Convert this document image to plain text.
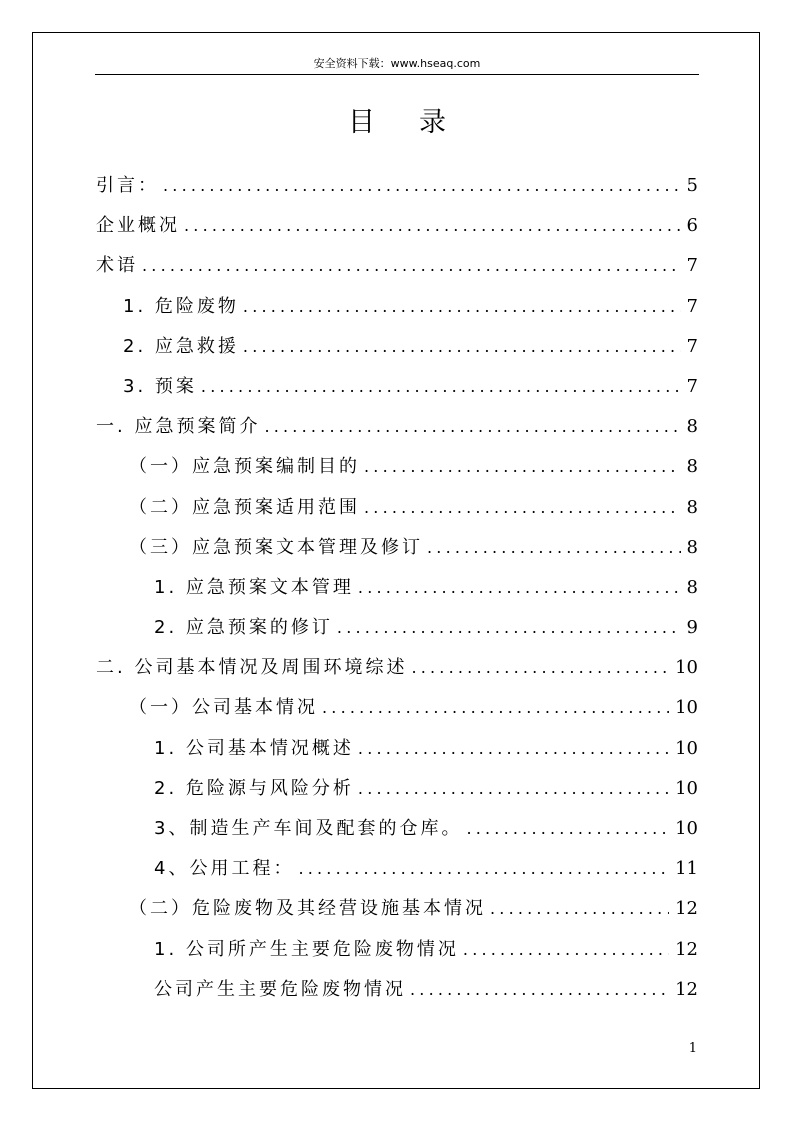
安全资料下载：www.hseaq.com
目录
引言： .....	5
企业概况 .....	6
术语 .....	7
1. 危险废物 .....	7
2. 应急救援 .....	7
3. 预案 .....	7
一. 应急预案简介 .....	8
（一）应急预案编制目的 .....	8
（二）应急预案适用范围 .....	8
（三）应急预案文本管理及修订 .....	8
1. 应急预案文本管理 .....	8
2. 应急预案的修订 .....	9
二. 公司基本情况及周围环境综述 .....	10
（一）公司基本情况 .....	10
1. 公司基本情况概述 .....	10
2. 危险源与风险分析 .....	10
3、制造生产车间及配套的仓库。 .....	10
4、公用工程： .....	11
（二）危险废物及其经营设施基本情况 .....	12
1. 公司所产生主要危险废物情况 .....	12
公司产生主要危险废物情况 .....	12
1
